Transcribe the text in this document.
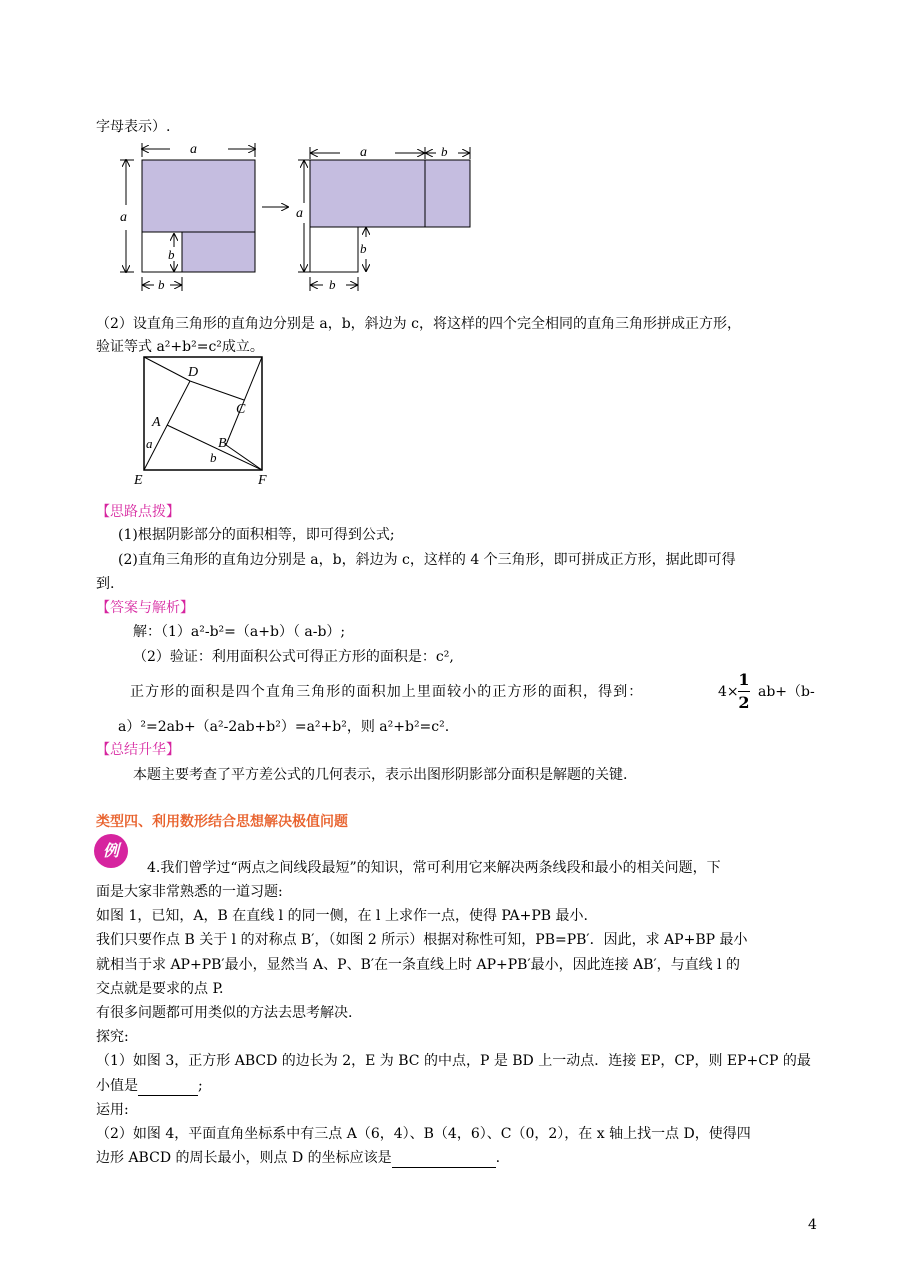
字母表示）.
a
a
b
b
a	b
a
b
b
（2）设直角三角形的直角边分别是 a，b，斜边为 c，将这样的四个完全相同的直角三角形拼成正方形，
验证等式 a²+b²=c²成立。
D
C
A
B
a
b
E	F
【思路点拨】
(1)根据阴影部分的面积相等，即可得到公式;
(2)直角三角形的直角边分别是 a，b，斜边为 c，这样的 4 个三角形，即可拼成正方形，据此即可得
到.
【答案与解析】
解：（1）a²-b²=（a+b）（ a-b）;
（2）验证：利用面积公式可得正方形的面积是：c²,
正方形的面积是四个直角三角形的面积加上里面较小的正方形的面积，得到：	4×
1
2
ab+（b-
a）²=2ab+（a²-2ab+b²）=a²+b²，则 a²+b²=c².
【总结升华】
本题主要考查了平方差公式的几何表示，表示出图形阴影部分面积是解题的关键.
类型四、利用数形结合思想解决极值问题
例
4.我们曾学过“两点之间线段最短”的知识，常可利用它来解决两条线段和最小的相关问题，下
面是大家非常熟悉的一道习题:
如图 1，已知，A，B 在直线 l 的同一侧，在 l 上求作一点，使得 PA+PB 最小.
我们只要作点 B 关于 l 的对称点 B′，（如图 2 所示）根据对称性可知，PB=PB′．因此，求 AP+BP 最小
就相当于求 AP+PB′最小，显然当 A、P、B′在一条直线上时 AP+PB′最小，因此连接 AB′，与直线 l 的
交点就是要求的点 P.
有很多问题都可用类似的方法去思考解决.
探究:
（1）如图 3，正方形 ABCD 的边长为 2，E 为 BC 的中点，P 是 BD 上一动点．连接 EP，CP，则 EP+CP 的最
小值是	;
运用:
（2）如图 4，平面直角坐标系中有三点 A（6，4）、B（4，6）、C（0，2），在 x 轴上找一点 D，使得四
边形 ABCD 的周长最小，则点 D 的坐标应该是	.
4
